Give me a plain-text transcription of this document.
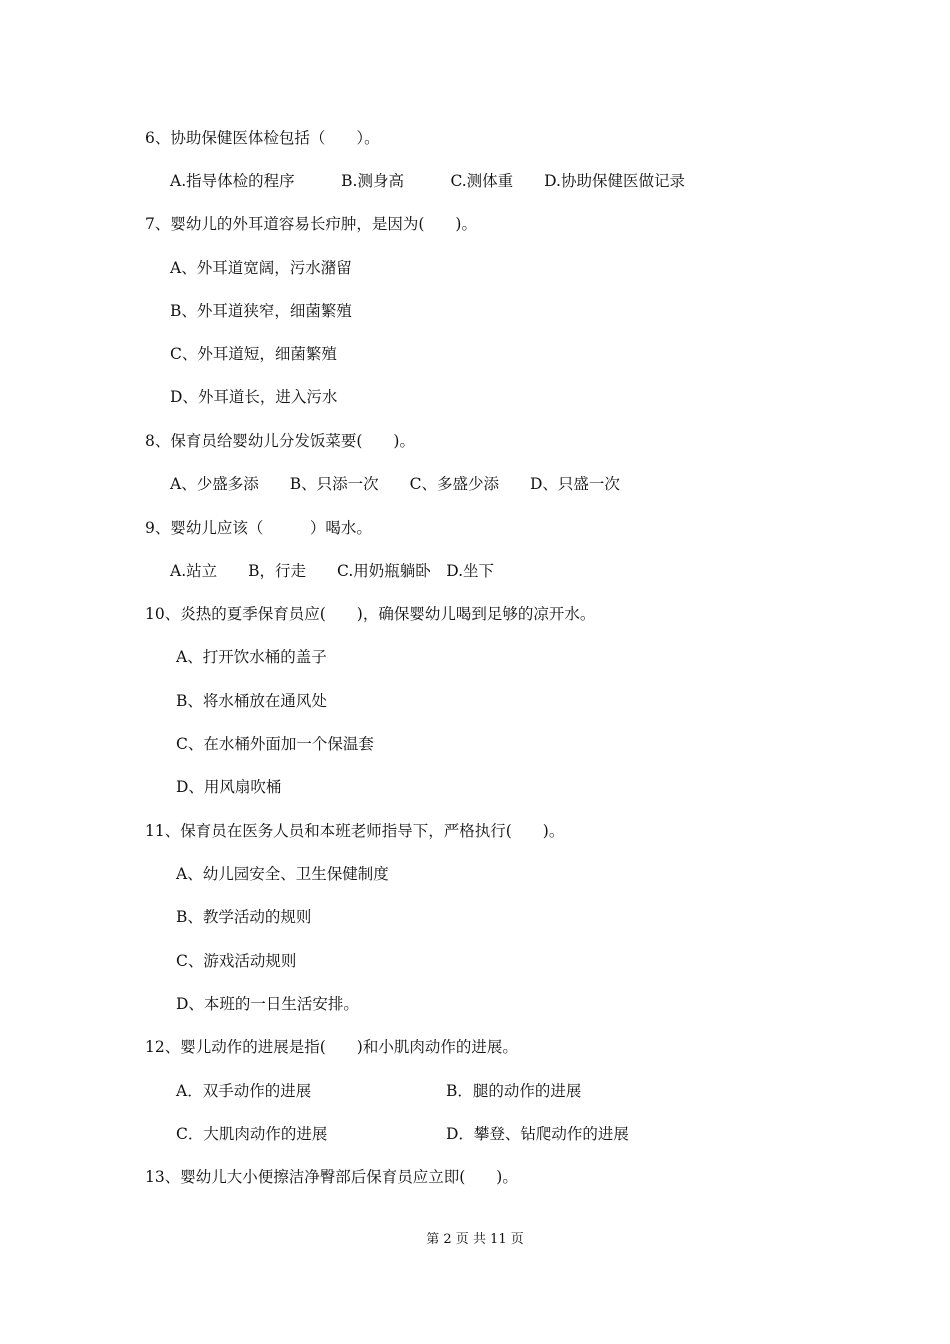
6、协助保健医体检包括（　　）。
A.指导体检的程序　　　B.测身高　　　C.测体重　　D.协助保健医做记录
7、婴幼儿的外耳道容易长疖肿，是因为(　　)。
A、外耳道宽阔，污水潴留
B、外耳道狭窄，细菌繁殖
C、外耳道短，细菌繁殖
D、外耳道长，进入污水
8、保育员给婴幼儿分发饭菜要(　　)。
A、少盛多添　　B、只添一次　　C、多盛少添　　D、只盛一次
9、婴幼儿应该（　　　）喝水。
A.站立　　B，行走　　C.用奶瓶躺卧　D.坐下
10、炎热的夏季保育员应(　　)，确保婴幼儿喝到足够的凉开水。
A、打开饮水桶的盖子
B、将水桶放在通风处
C、在水桶外面加一个保温套
D、用风扇吹桶
11、保育员在医务人员和本班老师指导下，严格执行(　　)。
A、幼儿园安全、卫生保健制度
B、教学活动的规则
C、游戏活动规则
D、本班的一日生活安排。
12、婴儿动作的进展是指(　　)和小肌肉动作的进展。
A．双手动作的进展	B．腿的动作的进展
C．大肌肉动作的进展	D．攀登、钻爬动作的进展
13、婴幼儿大小便擦洁净臀部后保育员应立即(　　)。
第 2 页 共 11 页
